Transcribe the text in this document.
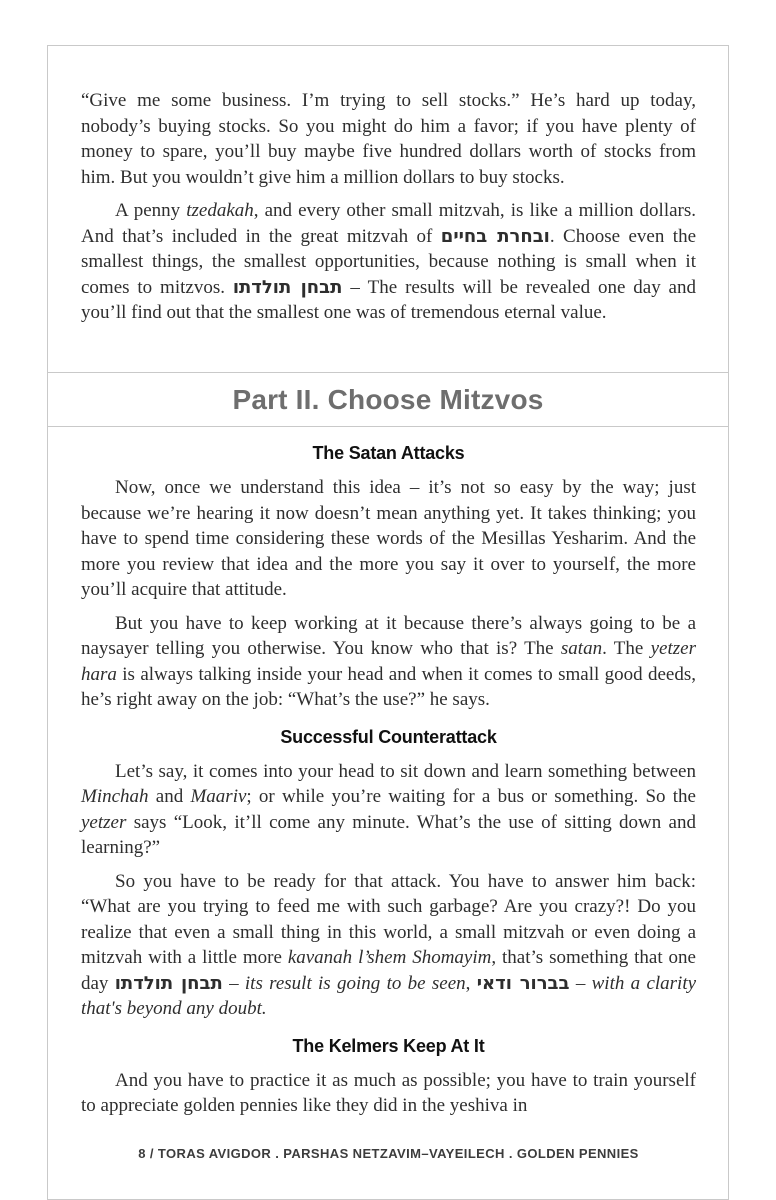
“Give me some business. I’m trying to sell stocks.” He’s hard up today, nobody’s buying stocks. So you might do him a favor; if you have plenty of money to spare, you’ll buy maybe five hundred dollars worth of stocks from him. But you wouldn’t give him a million dollars to buy stocks.

A penny tzedakah, and every other small mitzvah, is like a million dollars. And that’s included in the great mitzvah of ובחרת בחיים. Choose even the smallest things, the smallest opportunities, because nothing is small when it comes to mitzvos. תבחן תולדתו – The results will be revealed one day and you’ll find out that the smallest one was of tremendous eternal value.

Part II. Choose Mitzvos
The Satan Attacks

Now, once we understand this idea – it’s not so easy by the way; just because we’re hearing it now doesn’t mean anything yet. It takes thinking; you have to spend time considering these words of the Mesillas Yesharim. And the more you review that idea and the more you say it over to yourself, the more you’ll acquire that attitude.

But you have to keep working at it because there’s always going to be a naysayer telling you otherwise. You know who that is? The satan. The yetzer hara is always talking inside your head and when it comes to small good deeds, he’s right away on the job: “What’s the use?” he says.

Successful Counterattack

Let’s say, it comes into your head to sit down and learn something between Minchah and Maariv; or while you’re waiting for a bus or something. So the yetzer says “Look, it’ll come any minute. What’s the use of sitting down and learning?”

So you have to be ready for that attack. You have to answer him back: “What are you trying to feed me with such garbage? Are you crazy?! Do you realize that even a small thing in this world, a small mitzvah or even doing a mitzvah with a little more kavanah l’shem Shomayim, that’s something that one day תבחן תולדתו – its result is going to be seen, בברור ודאי – with a clarity that's beyond any doubt.

The Kelmers Keep At It

And you have to practice it as much as possible; you have to train yourself to appreciate golden pennies like they did in the yeshiva in

8 / TORAS AVIGDOR . PARSHAS NETZAVIM–VAYEILECH . GOLDEN PENNIES
